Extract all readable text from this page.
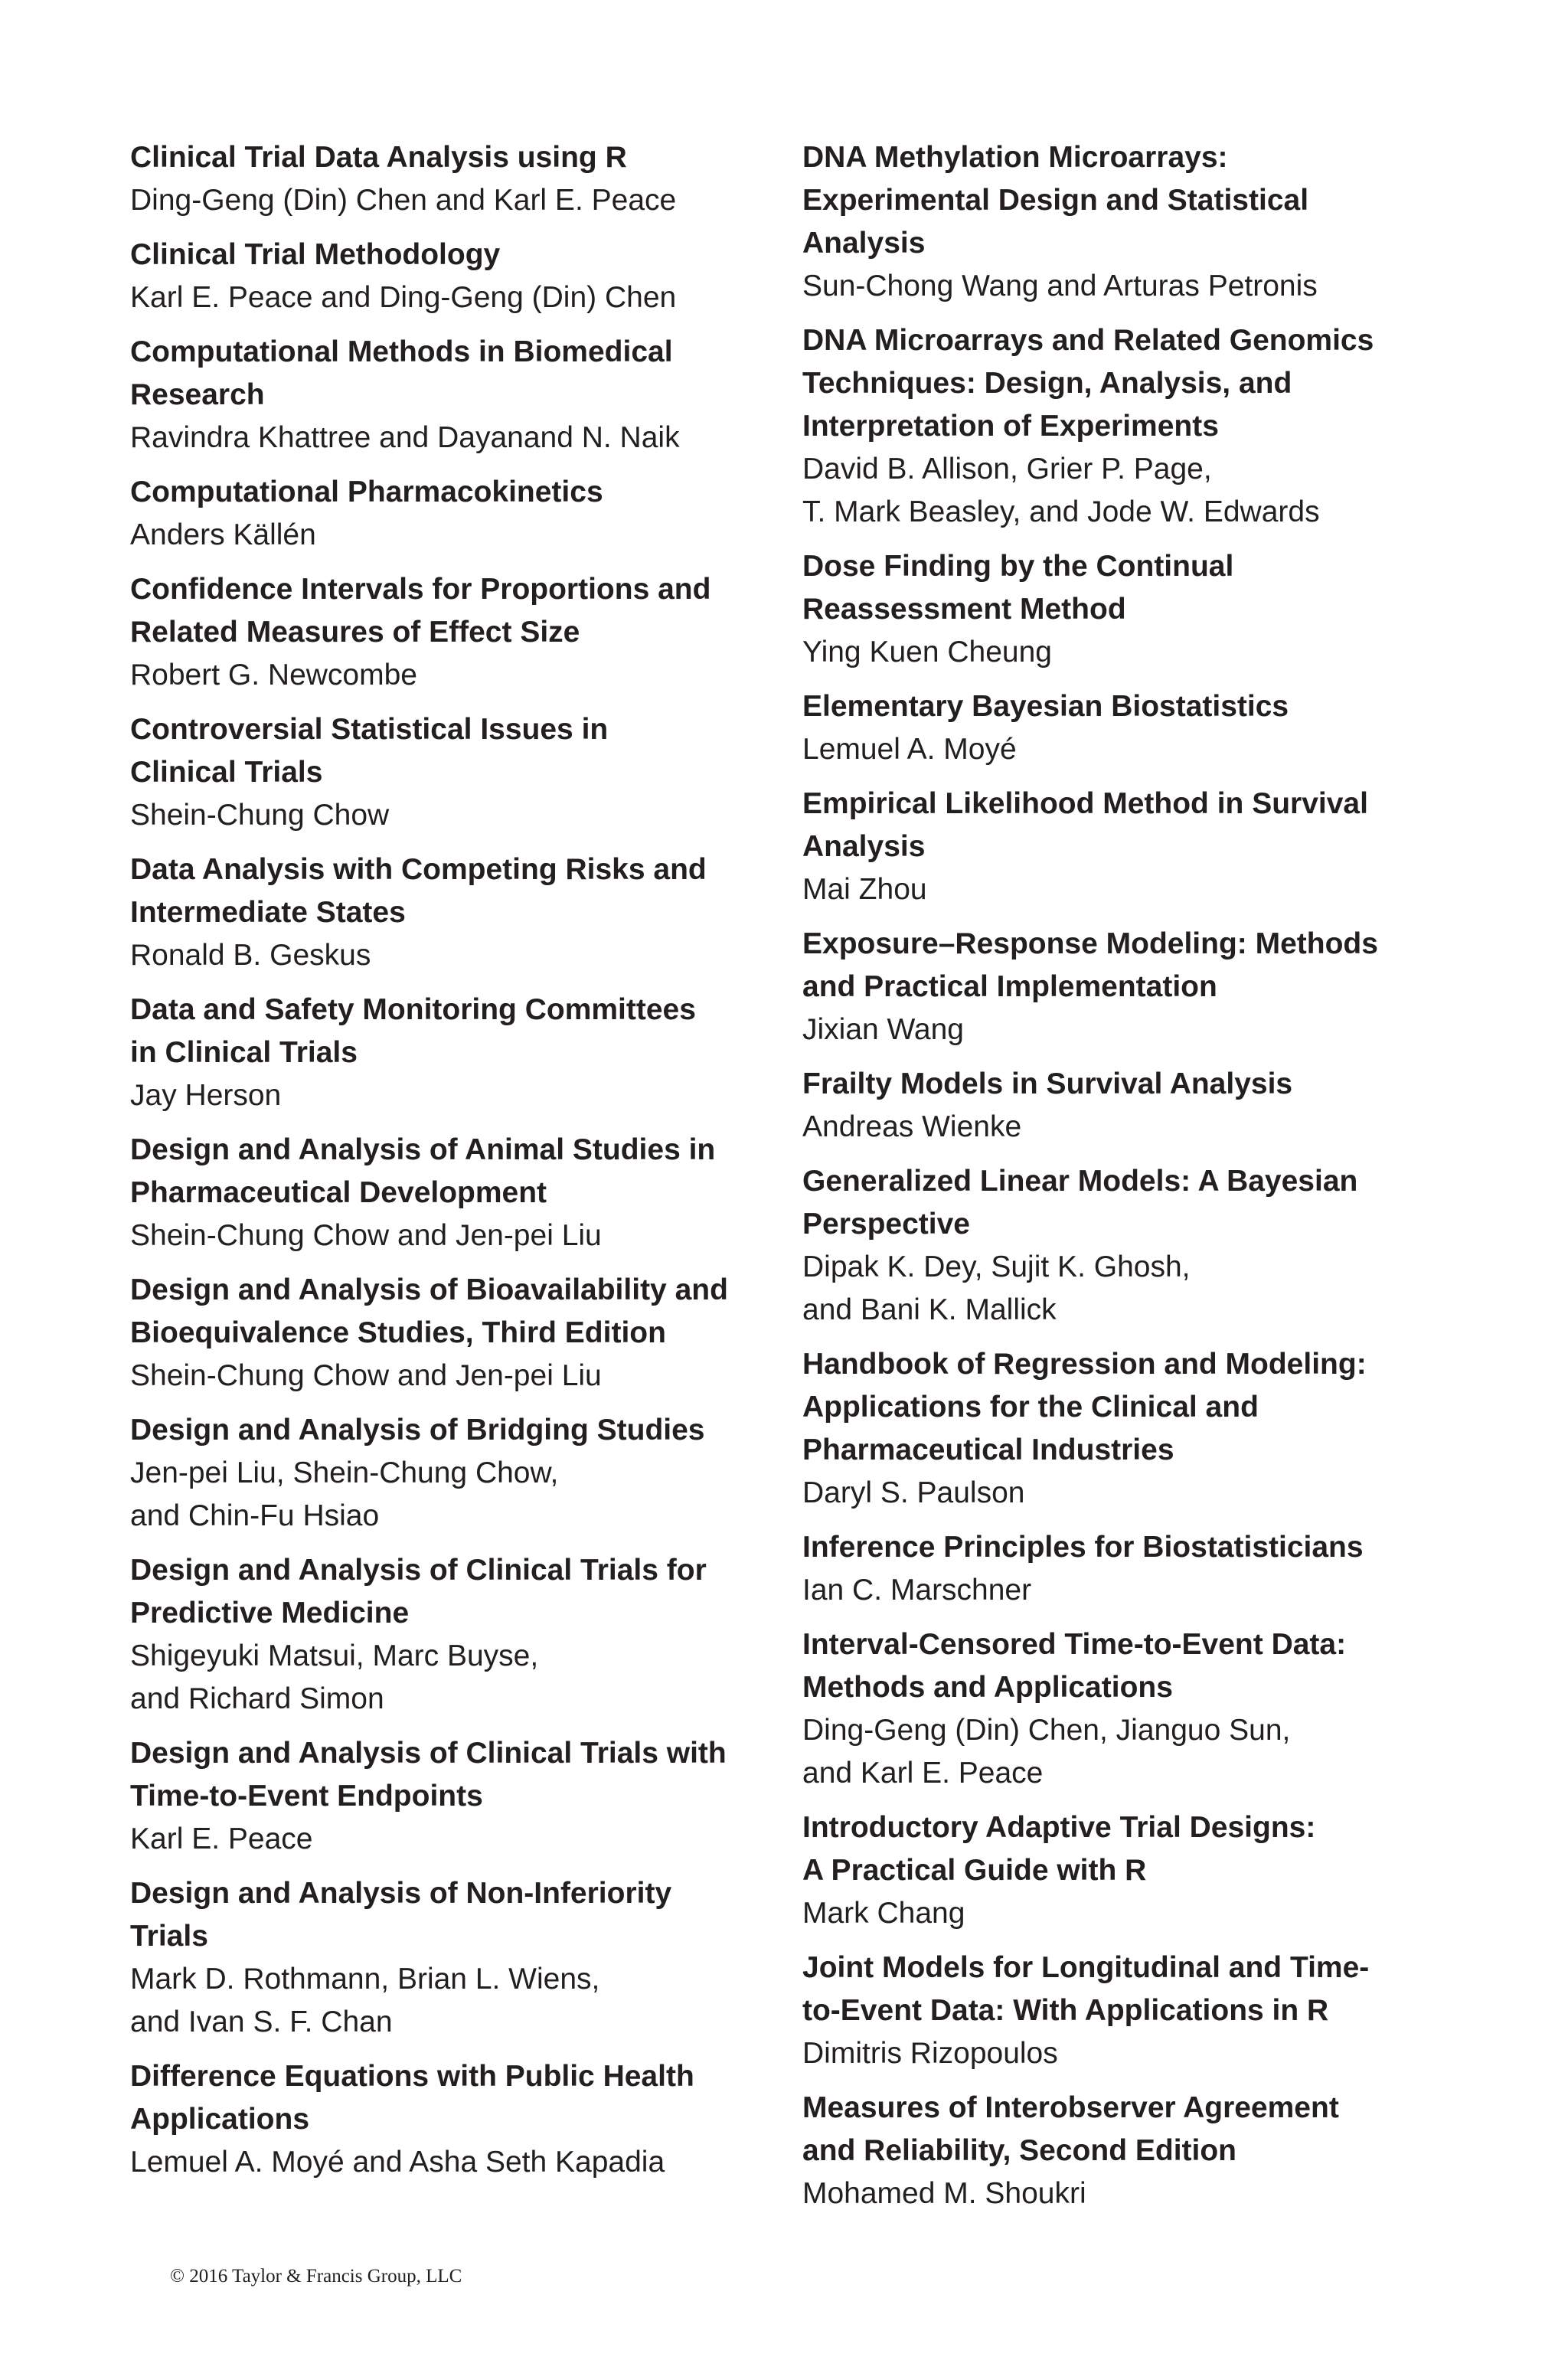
Clinical Trial Data Analysis using R
Ding-Geng (Din) Chen and Karl E. Peace
Clinical Trial Methodology
Karl E. Peace and Ding-Geng (Din) Chen
Computational Methods in Biomedical
Research
Ravindra Khattree and Dayanand N. Naik
Computational Pharmacokinetics
Anders Källén
Confidence Intervals for Proportions and
Related Measures of Effect Size
Robert G. Newcombe
Controversial Statistical Issues in
Clinical Trials
Shein-Chung Chow
Data Analysis with Competing Risks and
Intermediate States
Ronald B. Geskus
Data and Safety Monitoring Committees
in Clinical Trials
Jay Herson
Design and Analysis of Animal Studies in
Pharmaceutical Development
Shein-Chung Chow and Jen-pei Liu
Design and Analysis of Bioavailability and
Bioequivalence Studies, Third Edition
Shein-Chung Chow and Jen-pei Liu
Design and Analysis of Bridging Studies
Jen-pei Liu, Shein-Chung Chow,
and Chin-Fu Hsiao
Design and Analysis of Clinical Trials for
Predictive Medicine
Shigeyuki Matsui, Marc Buyse,
and Richard Simon
Design and Analysis of Clinical Trials with
Time-to-Event Endpoints
Karl E. Peace
Design and Analysis of Non-Inferiority
Trials
Mark D. Rothmann, Brian L. Wiens,
and Ivan S. F. Chan
Difference Equations with Public Health
Applications
Lemuel A. Moyé and Asha Seth Kapadia
DNA Methylation Microarrays:
Experimental Design and Statistical
Analysis
Sun-Chong Wang and Arturas Petronis
DNA Microarrays and Related Genomics
Techniques: Design, Analysis, and
Interpretation of Experiments
David B. Allison, Grier P. Page,
T. Mark Beasley, and Jode W. Edwards
Dose Finding by the Continual
Reassessment Method
Ying Kuen Cheung
Elementary Bayesian Biostatistics
Lemuel A. Moyé
Empirical Likelihood Method in Survival
Analysis
Mai Zhou
Exposure–Response Modeling: Methods
and Practical Implementation
Jixian Wang
Frailty Models in Survival Analysis
Andreas Wienke
Generalized Linear Models: A Bayesian
Perspective
Dipak K. Dey, Sujit K. Ghosh,
and Bani K. Mallick
Handbook of Regression and Modeling:
Applications for the Clinical and
Pharmaceutical Industries
Daryl S. Paulson
Inference Principles for Biostatisticians
Ian C. Marschner
Interval-Censored Time-to-Event Data:
Methods and Applications
Ding-Geng (Din) Chen, Jianguo Sun,
and Karl E. Peace
Introductory Adaptive Trial Designs:
A Practical Guide with R
Mark Chang
Joint Models for Longitudinal and Time-
to-Event Data: With Applications in R
Dimitris Rizopoulos
Measures of Interobserver Agreement
and Reliability, Second Edition
Mohamed M. Shoukri
© 2016 Taylor & Francis Group, LLC
